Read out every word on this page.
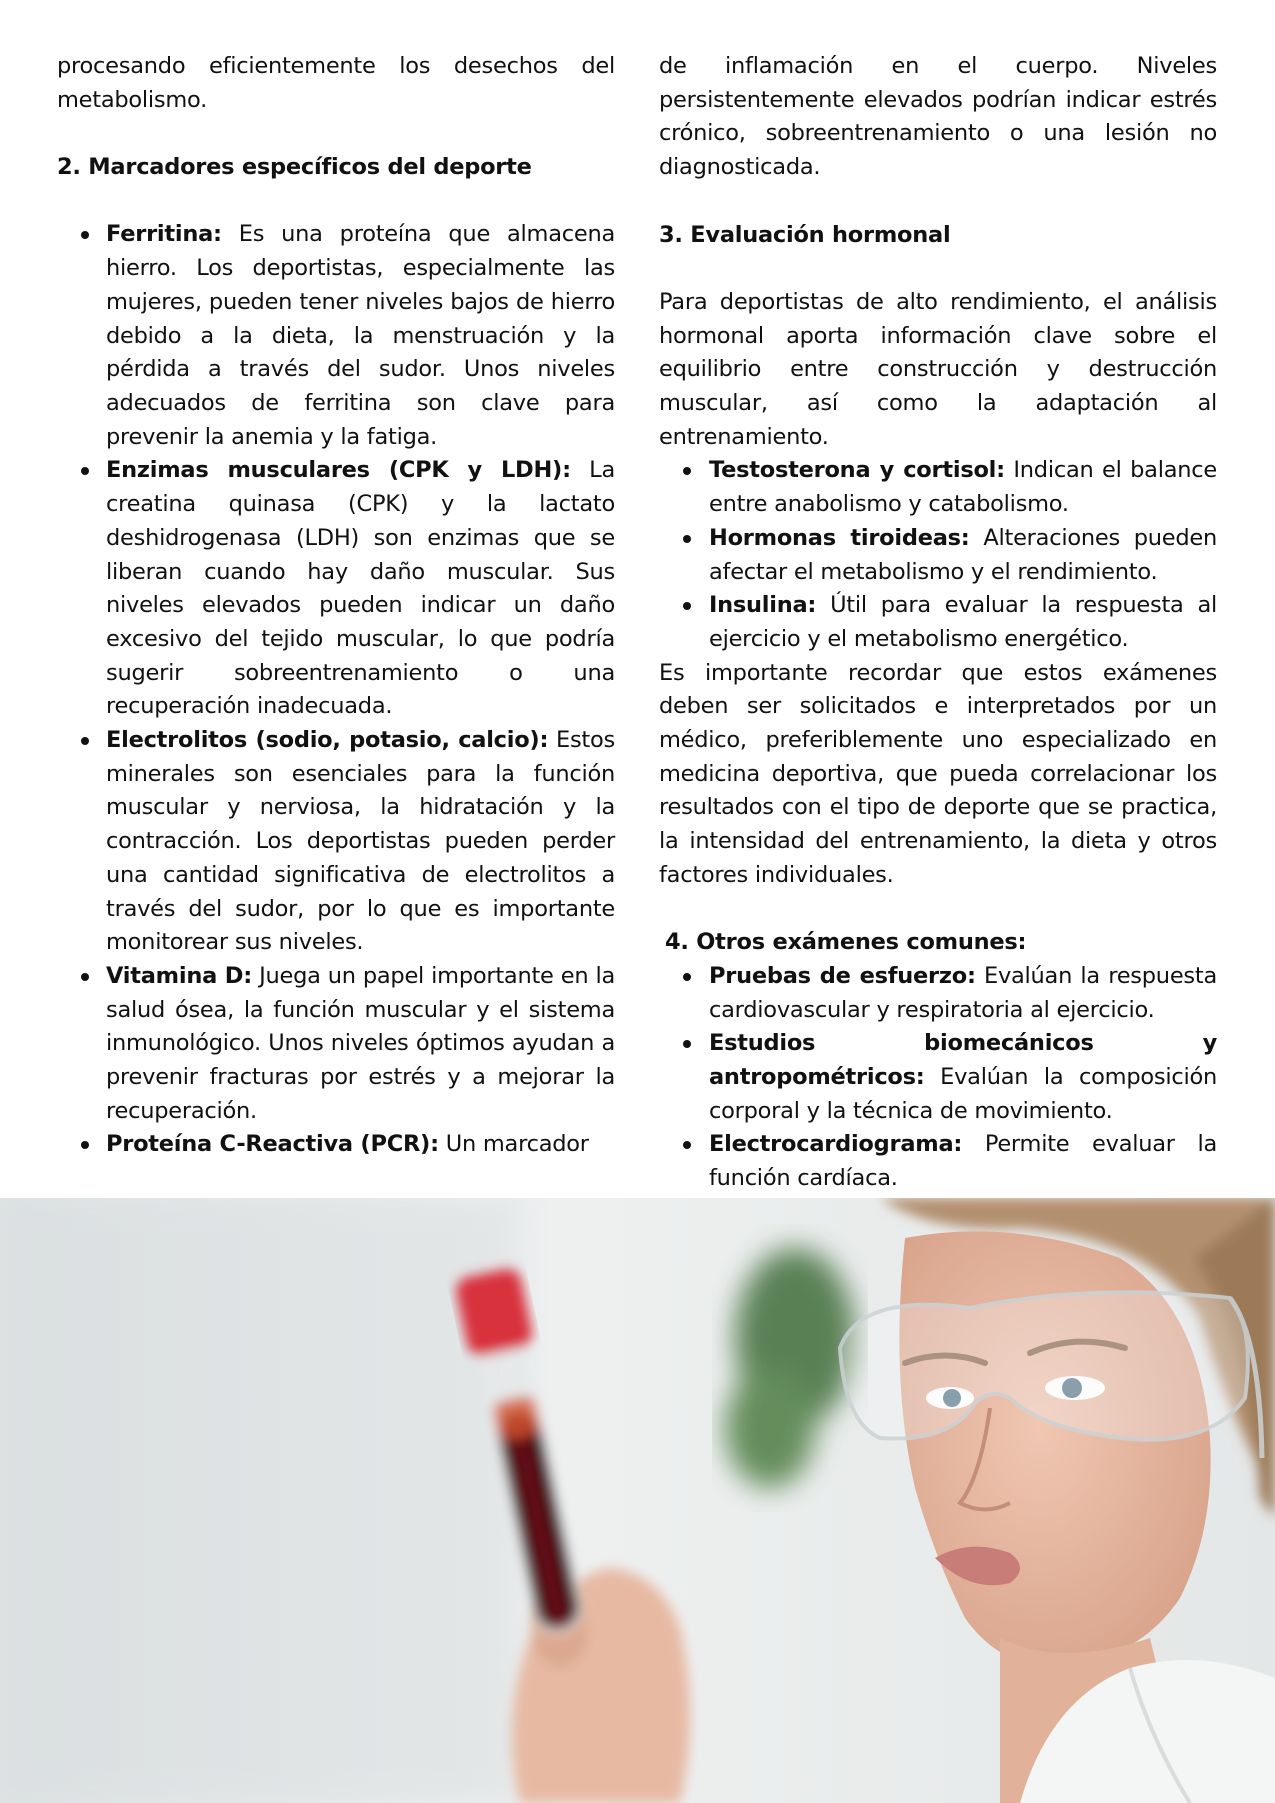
procesando eficientemente los desechos del metabolismo.

2. Marcadores específicos del deporte

Ferritina: Es una proteína que almacena hierro. Los deportistas, especialmente las mujeres, pueden tener niveles bajos de hierro debido a la dieta, la menstruación y la pérdida a través del sudor. Unos niveles adecuados de ferritina son clave para prevenir la anemia y la fatiga.
Enzimas musculares (CPK y LDH): La creatina quinasa (CPK) y la lactato deshidrogenasa (LDH) son enzimas que se liberan cuando hay daño muscular. Sus niveles elevados pueden indicar un daño excesivo del tejido muscular, lo que podría sugerir sobreentrenamiento o una recuperación inadecuada.
Electrolitos (sodio, potasio, calcio): Estos minerales son esenciales para la función muscular y nerviosa, la hidratación y la contracción. Los deportistas pueden perder una cantidad significativa de electrolitos a través del sudor, por lo que es importante monitorear sus niveles.
Vitamina D: Juega un papel importante en la salud ósea, la función muscular y el sistema inmunológico. Unos niveles óptimos ayudan a prevenir fracturas por estrés y a mejorar la recuperación.
Proteína C-Reactiva (PCR): Un marcador

de inflamación en el cuerpo. Niveles persistentemente elevados podrían indicar estrés crónico, sobreentrenamiento o una lesión no diagnosticada.

3. Evaluación hormonal

Para deportistas de alto rendimiento, el análisis hormonal aporta información clave sobre el equilibrio entre construcción y destrucción muscular, así como la adaptación al entrenamiento.

Testosterona y cortisol: Indican el balance entre anabolismo y catabolismo.
Hormonas tiroideas: Alteraciones pueden afectar el metabolismo y el rendimiento.
Insulina: Útil para evaluar la respuesta al ejercicio y el metabolismo energético.

Es importante recordar que estos exámenes deben ser solicitados e interpretados por un médico, preferiblemente uno especializado en medicina deportiva, que pueda correlacionar los resultados con el tipo de deporte que se practica, la intensidad del entrenamiento, la dieta y otros factores individuales.

4. Otros exámenes comunes:

Pruebas de esfuerzo: Evalúan la respuesta cardiovascular y respiratoria al ejercicio.
Estudios biomecánicos y antropométricos: Evalúan la composición corporal y la técnica de movimiento.
Electrocardiograma: Permite evaluar la función cardíaca.
